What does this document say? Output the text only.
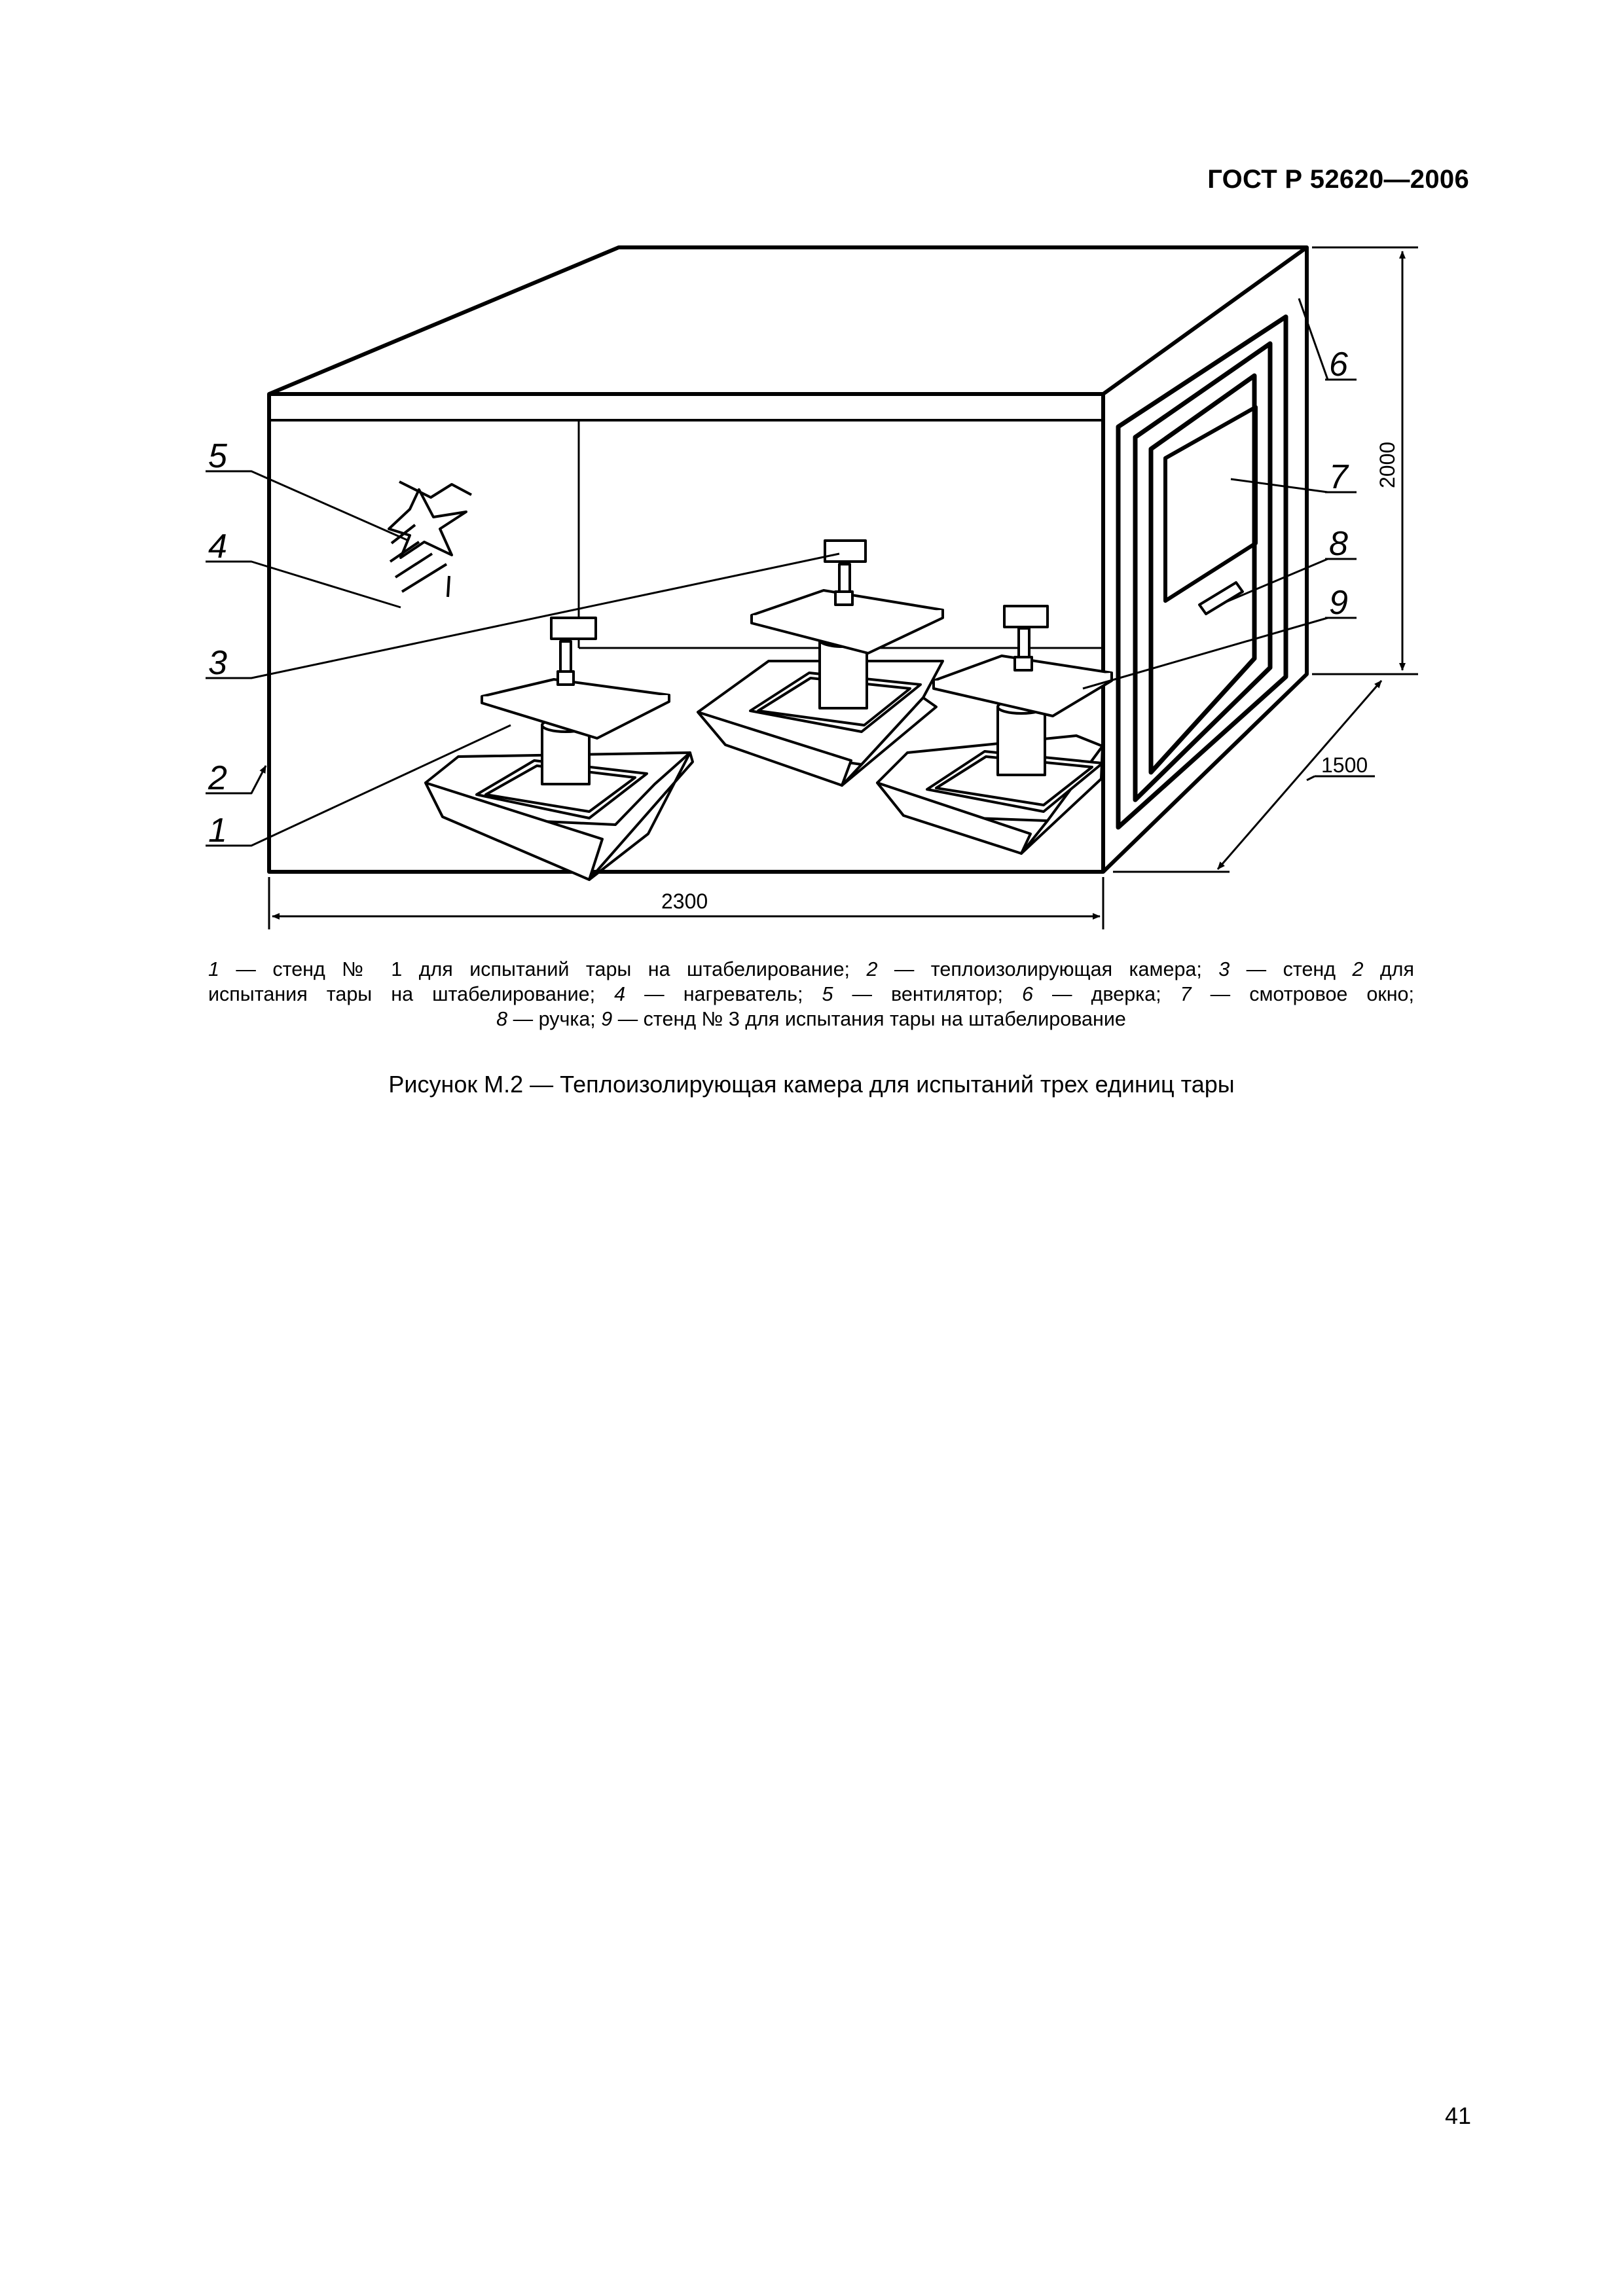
ГОСТ Р 52620—2006
5
4
3
2
1
6
7
8
9
2300
1500
2000

1 — стенд № 1 для испытаний тары на штабелирование; 2 — теплоизолирующая камера; 3 — стенд 2 для

испытания тары на штабелирование; 4 — нагреватель; 5 — вентилятор; 6 — дверка; 7 — смотровое окно;

8 — ручка; 9 — стенд № 3 для испытания тары на штабелирование

Рисунок М.2 — Теплоизолирующая камера для испытаний трех единиц тары
41
